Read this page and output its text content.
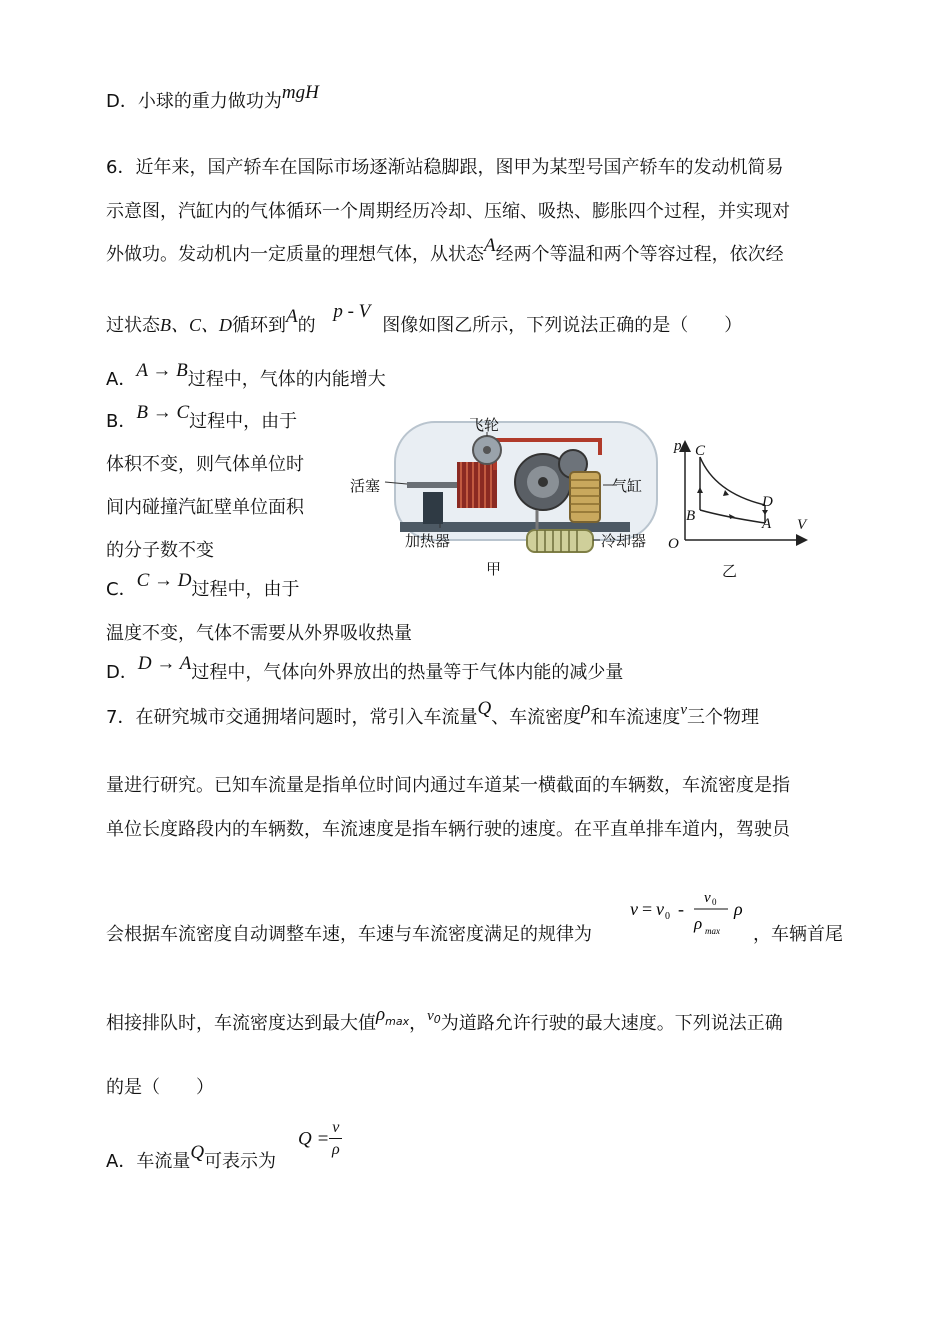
D．小球的重力做功为mgH
6．近年来，国产轿车在国际市场逐渐站稳脚跟，图甲为某型号国产轿车的发动机简易
示意图，汽缸内的气体循环一个周期经历冷却、压缩、吸热、膨胀四个过程，并实现对
外做功。发动机内一定质量的理想气体，从状态A经两个等温和两个等容过程，依次经
过状态B、C、D循环到A的 p - V图像如图乙所示，下列说法正确的是（　　）
A．A → B过程中，气体的内能增大
B．B → C过程中，由于
体积不变，则气体单位时
间内碰撞汽缸壁单位面积
的分子数不变
C．C → D过程中，由于
温度不变，气体不需要从外界吸收热量
D．D → A过程中，气体向外界放出的热量等于气体内能的减少量
飞轮
活塞	气缸
加热器	冷却器
甲
p C
B
D
A V
O
乙
7．在研究城市交通拥堵问题时，常引入车流量Q、车流密度ρ和车流速度$^v$三个物理
量进行研究。已知车流量是指单位时间内通过车道某一横截面的车辆数，车流密度是指
单位长度路段内的车辆数，车流速度是指车辆行驶的速度。在平直单排车道内，驾驶员
会根据车流密度自动调整车速，车速与车流密度满足的规律为
v = v 0 -
v 0
ρ max
ρ
，车辆首尾
相接排队时，车流密度达到最大值$\rho^{max}$，$^{v0}$为道路允许行驶的最大速度。下列说法正确
的是（　　）
A．车流量Q可表示为
$Q = \frac{v}{\rho}$
